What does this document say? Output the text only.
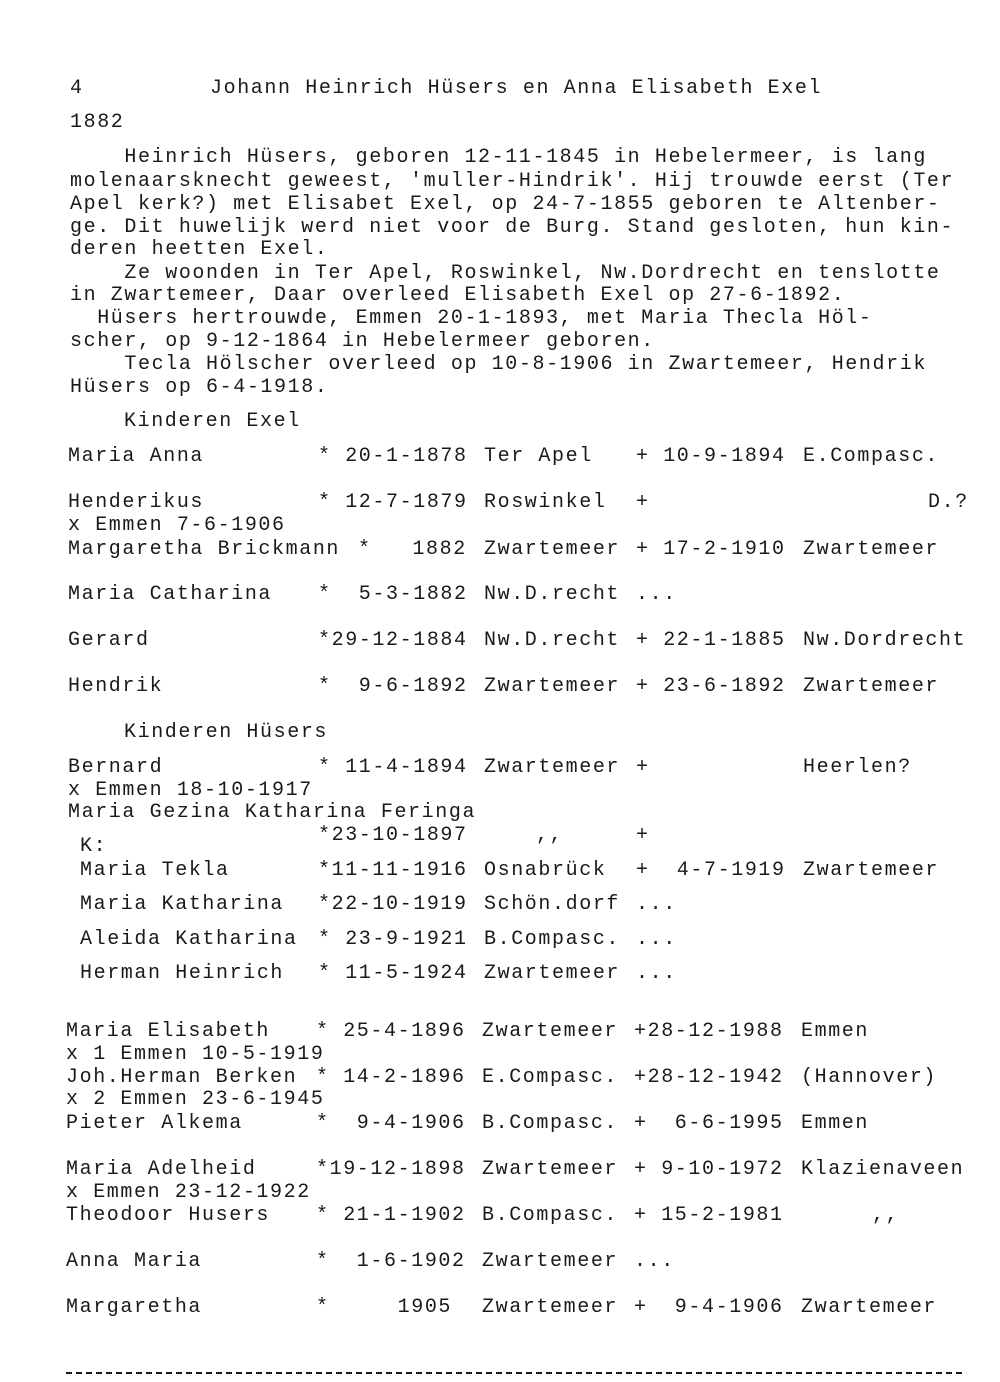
4	Johann Heinrich Hüsers en Anna Elisabeth Exel
1882
Heinrich Hüsers, geboren 12-11-1845 in Hebelermeer, is lang
molenaarsknecht geweest, 'muller-Hindrik'. Hij trouwde eerst (Ter
Apel kerk?) met Elisabet Exel, op 24-7-1855 geboren te Altenber-
ge. Dit huwelijk werd niet voor de Burg. Stand gesloten, hun kin-
deren heetten Exel.
Ze woonden in Ter Apel, Roswinkel, Nw.Dordrecht en tenslotte
in Zwartemeer, Daar overleed Elisabeth Exel op 27-6-1892.
Hüsers hertrouwde, Emmen 20-1-1893, met Maria Thecla Höl-
scher, op 9-12-1864 in Hebelermeer geboren.
Tecla Hölscher overleed op 10-8-1906 in Zwartemeer, Hendrik
Hüsers op 6-4-1918.
Kinderen Exel
Maria Anna	* 20-1-1878 Ter Apel + 10-9-1894 E.Compasc.
Henderikus	* 12-7-1879 Roswinkel +	D.?
x Emmen 7-6-1906
Margaretha Brickmann *   1882 Zwartemeer + 17-2-1910 Zwartemeer
Maria Catharina *  5-3-1882 Nw.D.recht ...
Gerard	*29-12-1884 Nw.D.recht + 22-1-1885 Nw.Dordrecht
Hendrik	*  9-6-1892 Zwartemeer + 23-6-1892 Zwartemeer
Kinderen Hüsers
Bernard	* 11-4-1894 Zwartemeer +	Heerlen?
x Emmen 18-10-1917
Maria Gezina Katharina Feringa
*23-10-1897	,,	+
K:
Maria Tekla	*11-11-1916 Osnabrück +  4-7-1919 Zwartemeer
Maria Katharina *22-10-1919 Schön.dorf ...
Aleida Katharina * 23-9-1921 B.Compasc. ...
Herman Heinrich * 11-5-1924 Zwartemeer ...
Maria Elisabeth * 25-4-1896 Zwartemeer +28-12-1988 Emmen
x 1 Emmen 10-5-1919
Joh.Herman Berken * 14-2-1896 E.Compasc. +28-12-1942 (Hannover)
x 2 Emmen 23-6-1945
Pieter Alkema	*  9-4-1906 B.Compasc. +  6-6-1995 Emmen
Maria Adelheid	*19-12-1898 Zwartemeer + 9-10-1972 Klazienaveen
x Emmen 23-12-1922
Theodoor Husers * 21-1-1902 B.Compasc. + 15-2-1981	,,
Anna Maria	*  1-6-1902 Zwartemeer ...
Margaretha	*     1905 Zwartemeer +  9-4-1906 Zwartemeer
